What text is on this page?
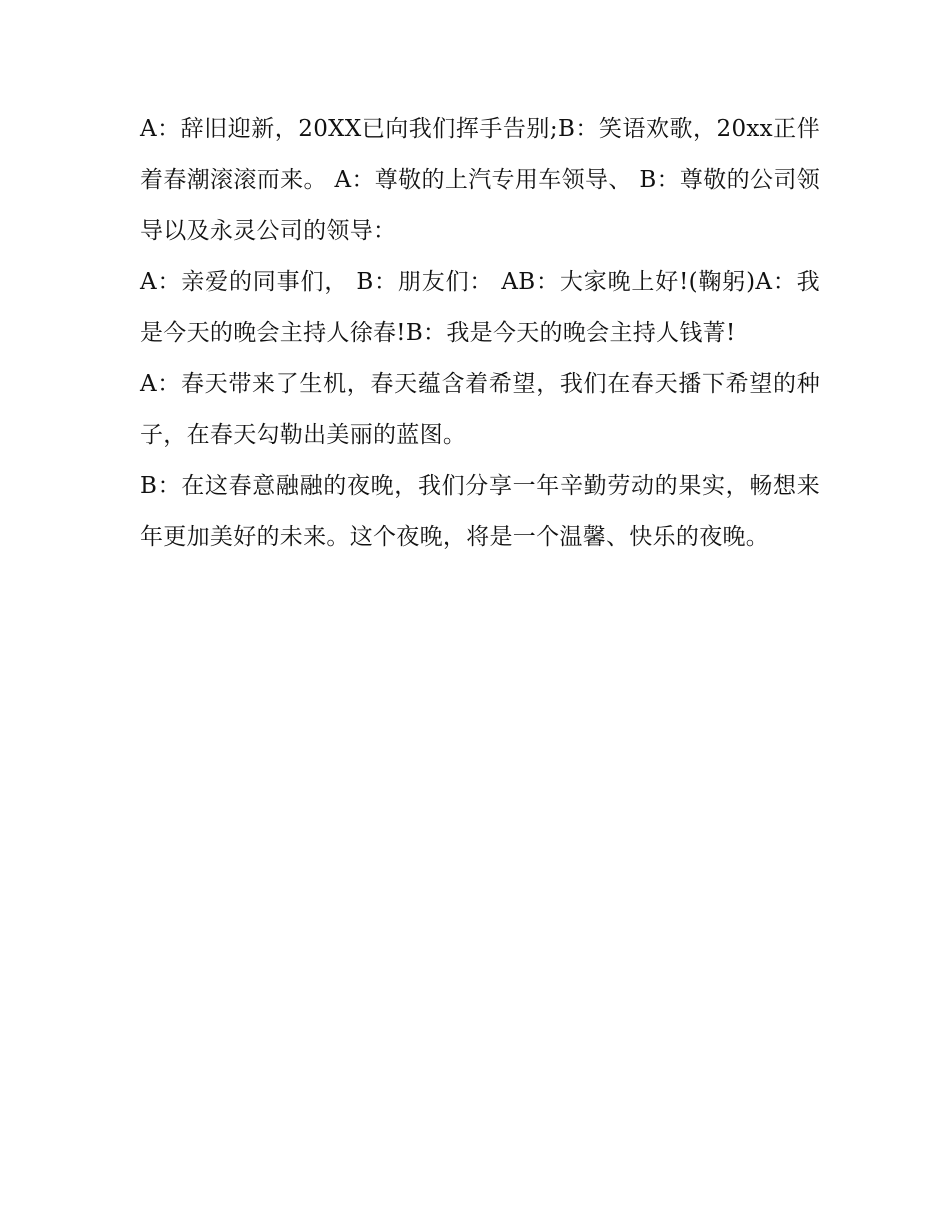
A：辞旧迎新，20XX已向我们挥手告别;B：笑语欢歌，20xx正伴着春潮滚滚而来。 A：尊敬的上汽专用车领导、 B：尊敬的公司领导以及永灵公司的领导：

A：亲爱的同事们， B：朋友们： AB：大家晚上好!(鞠躬)A：我是今天的晚会主持人徐春!B：我是今天的晚会主持人钱菁!

A：春天带来了生机，春天蕴含着希望，我们在春天播下希望的种子，在春天勾勒出美丽的蓝图。

B：在这春意融融的夜晚，我们分享一年辛勤劳动的果实，畅想来年更加美好的未来。这个夜晚，将是一个温馨、快乐的夜晚。
